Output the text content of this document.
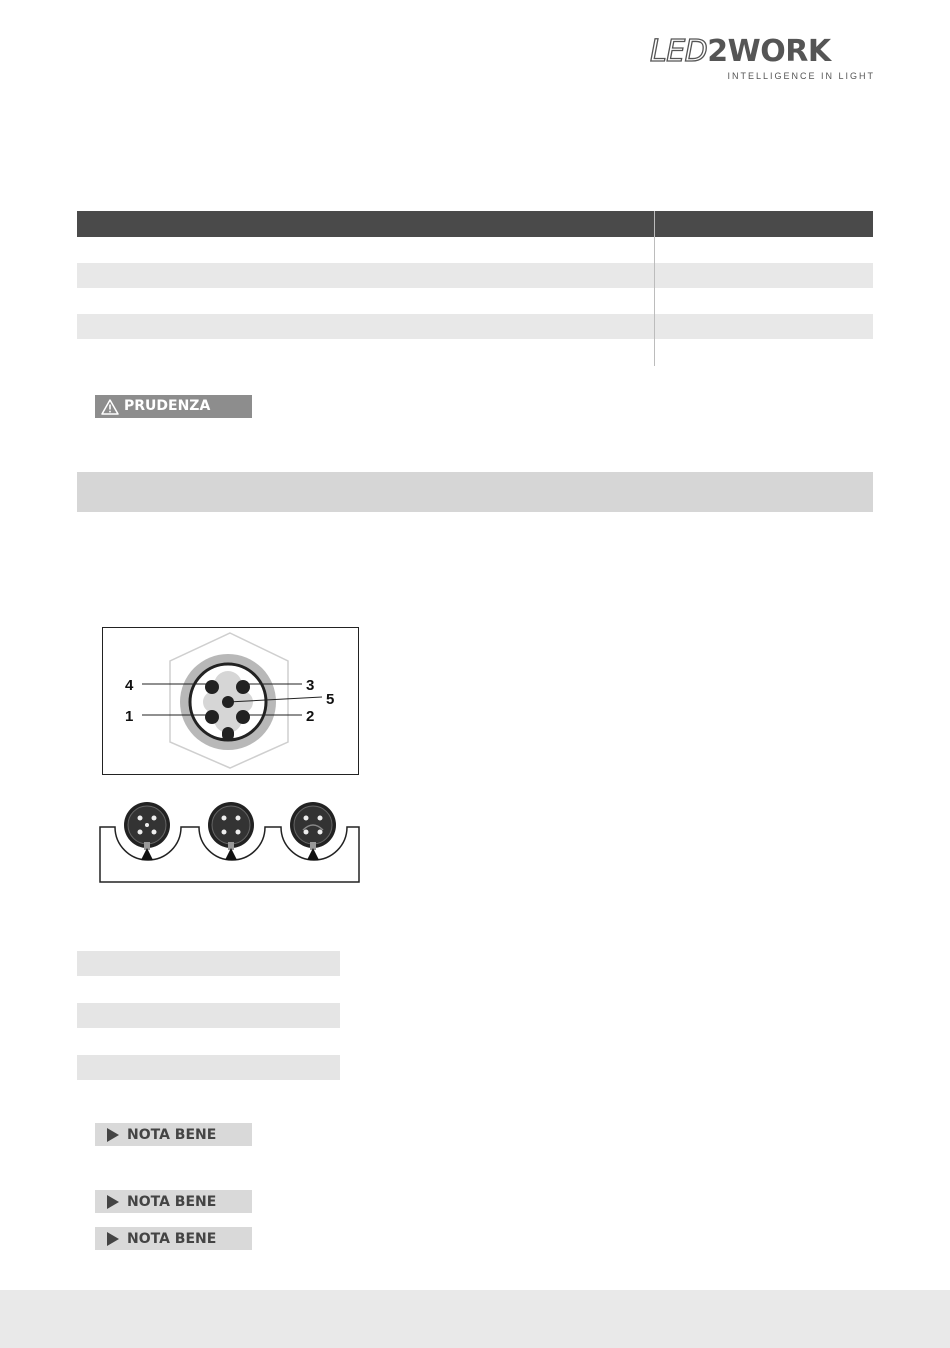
LED2WORK
INTELLIGENCE IN LIGHT
PRUDENZA
4	3
5
1	2
NOTA BENE
NOTA BENE
NOTA BENE
